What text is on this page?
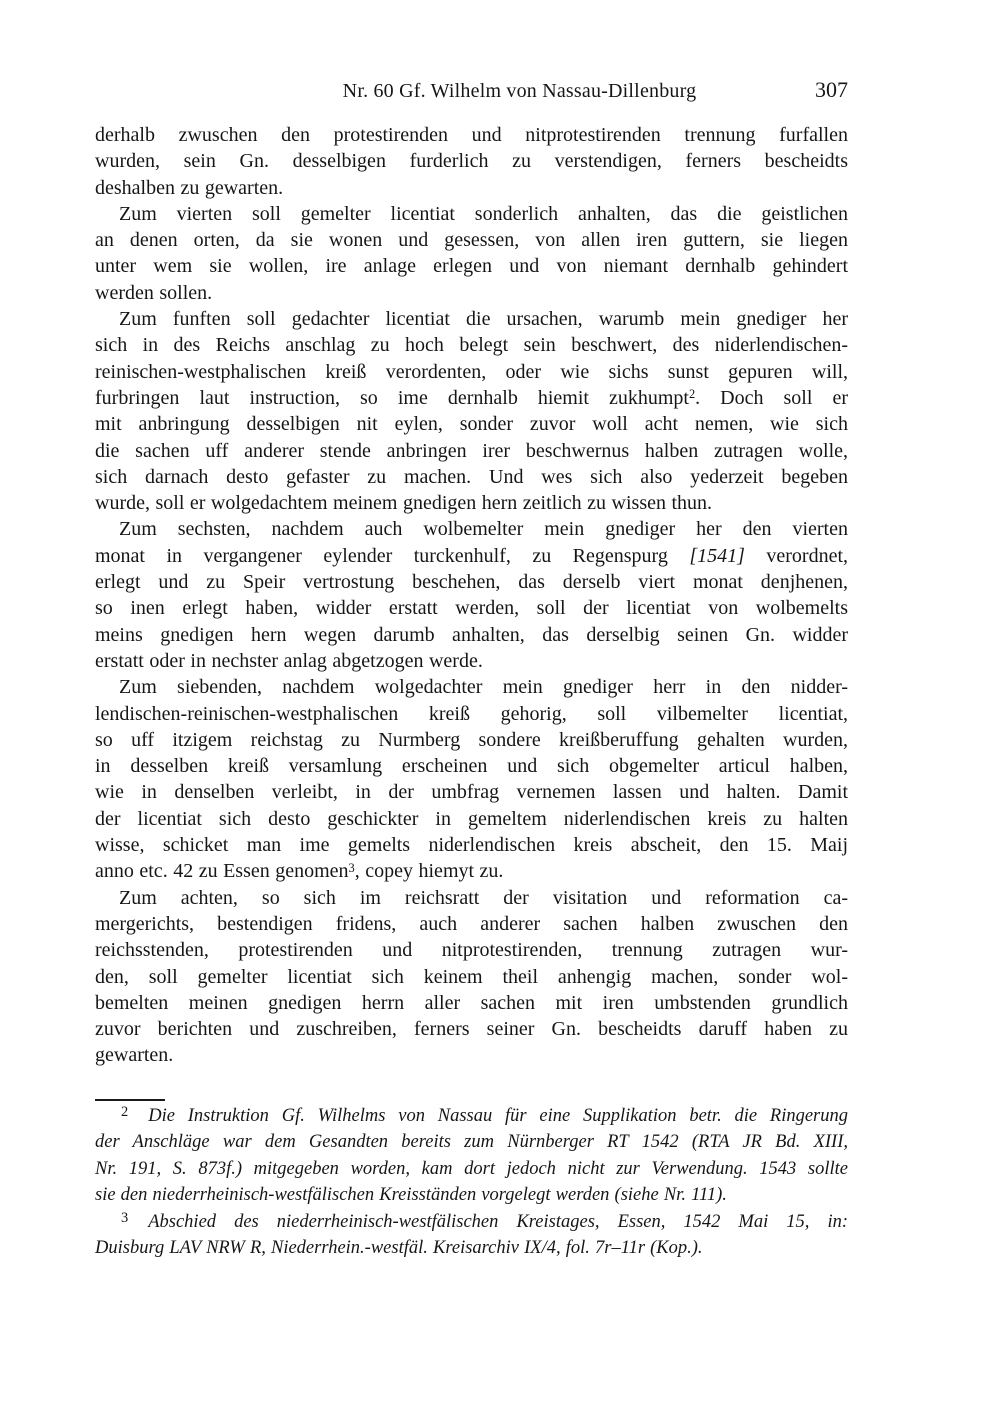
Nr. 60 Gf. Wilhelm von Nassau-Dillenburg	307
derhalb zwuschen den protestirenden und nitprotestirenden trennung furfallen
wurden, sein Gn. desselbigen furderlich zu verstendigen, ferners bescheidts
deshalben zu gewarten.
Zum vierten soll gemelter licentiat sonderlich anhalten, das die geistlichen
an denen orten, da sie wonen und gesessen, von allen iren guttern, sie liegen
unter wem sie wollen, ire anlage erlegen und von niemant dernhalb gehindert
werden sollen.
Zum funften soll gedachter licentiat die ursachen, warumb mein gnediger her
sich in des Reichs anschlag zu hoch belegt sein beschwert, des niderlendischen-
reinischen-westphalischen kreiß verordenten, oder wie sichs sunst gepuren will,
furbringen laut instruction, so ime dernhalb hiemit zukhumpt$^2$. Doch soll er
mit anbringung desselbigen nit eylen, sonder zuvor woll acht nemen, wie sich
die sachen uff anderer stende anbringen irer beschwernus halben zutragen wolle,
sich darnach desto gefaster zu machen. Und wes sich also yederzeit begeben
wurde, soll er wolgedachtem meinem gnedigen hern zeitlich zu wissen thun.
Zum sechsten, nachdem auch wolbemelter mein gnediger her den vierten
monat in vergangener eylender turckenhulf, zu Regenspurg [1541] verordnet,
erlegt und zu Speir vertrostung beschehen, das derselb viert monat denjhenen,
so inen erlegt haben, widder erstatt werden, soll der licentiat von wolbemelts
meins gnedigen hern wegen darumb anhalten, das derselbig seinen Gn. widder
erstatt oder in nechster anlag abgetzogen werde.
Zum siebenden, nachdem wolgedachter mein gnediger herr in den nidder-
lendischen-reinischen-westphalischen kreiß gehorig, soll vilbemelter licentiat,
so uff itzigem reichstag zu Nurmberg sondere kreißberuffung gehalten wurden,
in desselben kreiß versamlung erscheinen und sich obgemelter articul halben,
wie in denselben verleibt, in der umbfrag vernemen lassen und halten. Damit
der licentiat sich desto geschickter in gemeltem niderlendischen kreis zu halten
wisse, schicket man ime gemelts niderlendischen kreis abscheit, den 15. Maij
anno etc. 42 zu Essen genomen$^3$, copey hiemyt zu.
Zum achten, so sich im reichsratt der visitation und reformation ca-
mergerichts, bestendigen fridens, auch anderer sachen halben zwuschen den
reichsstenden, protestirenden und nitprotestirenden, trennung zutragen wur-
den, soll gemelter licentiat sich keinem theil anhengig machen, sonder wol-
bemelten meinen gnedigen herrn aller sachen mit iren umbstenden grundlich
zuvor berichten und zuschreiben, ferners seiner Gn. bescheidts daruff haben zu
gewarten.
$^2$ Die Instruktion Gf. Wilhelms von Nassau für eine Supplikation betr. die Ringerung
der Anschläge war dem Gesandten bereits zum Nürnberger RT 1542 (RTA JR Bd. XIII,
Nr. 191, S. 873f.) mitgegeben worden, kam dort jedoch nicht zur Verwendung. 1543 sollte
sie den niederrheinisch-westfälischen Kreisständen vorgelegt werden (siehe Nr. 111).
$^3$ Abschied des niederrheinisch-westfälischen Kreistages, Essen, 1542 Mai 15, in:
Duisburg LAV NRW R, Niederrhein.-westfäl. Kreisarchiv IX/4, fol. 7r–11r (Kop.).
